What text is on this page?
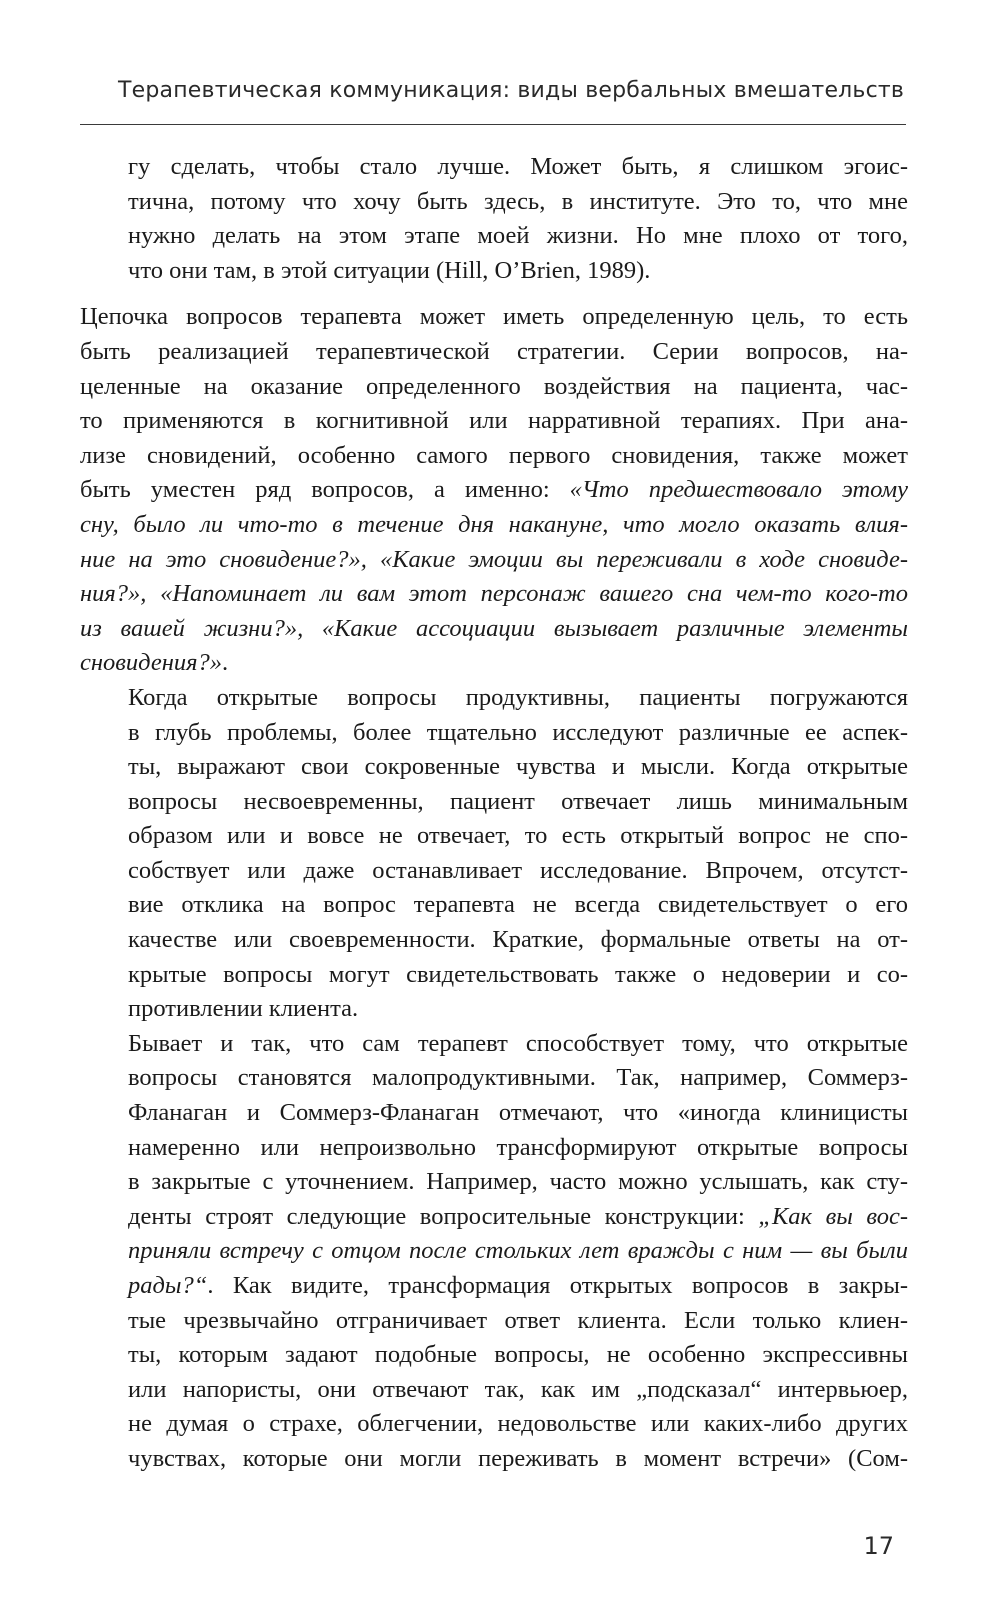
Терапевтическая коммуникация: виды вербальных вмешательств
гу сделать, чтобы стало лучше. Может быть, я слишком эгоис-
тична, потому что хочу быть здесь, в институте. Это то, что мне
нужно делать на этом этапе моей жизни. Но мне плохо от того,
что они там, в этой ситуации (Hill, O’Brien, 1989).
Цепочка вопросов терапевта может иметь определенную цель, то есть
быть реализацией терапевтической стратегии. Серии вопросов, на-
целенные на оказание определенного воздействия на пациента, час-
то применяются в когнитивной или нарративной терапиях. При ана-
лизе сновидений, особенно самого первого сновидения, также может
быть уместен ряд вопросов, а именно: «Что предшествовало этому
сну, было ли что-то в течение дня накануне, что могло оказать влия-
ние на это сновидение?», «Какие эмоции вы переживали в ходе сновиде-
ния?», «Напоминает ли вам этот персонаж вашего сна чем-то кого-то
из вашей жизни?», «Какие ассоциации вызывает различные элементы
сновидения?».
Когда открытые вопросы продуктивны, пациенты погружаются
в глубь проблемы, более тщательно исследуют различные ее аспек-
ты, выражают свои сокровенные чувства и мысли. Когда открытые
вопросы несвоевременны, пациент отвечает лишь минимальным
образом или и вовсе не отвечает, то есть открытый вопрос не спо-
собствует или даже останавливает исследование. Впрочем, отсутст-
вие отклика на вопрос терапевта не всегда свидетельствует о его
качестве или своевременности. Краткие, формальные ответы на от-
крытые вопросы могут свидетельствовать также о недоверии и со-
противлении клиента.
Бывает и так, что сам терапевт способствует тому, что открытые
вопросы становятся малопродуктивными. Так, например, Соммерз-
Фланаган и Соммерз-Фланаган отмечают, что «иногда клиницисты
намеренно или непроизвольно трансформируют открытые вопросы
в закрытые с уточнением. Например, часто можно услышать, как сту-
денты строят следующие вопросительные конструкции: „Как вы вос-
приняли встречу с отцом после стольких лет вражды с ним — вы были
рады?“. Как видите, трансформация открытых вопросов в закры-
тые чрезвычайно отграничивает ответ клиента. Если только клиен-
ты, которым задают подобные вопросы, не особенно экспрессивны
или напористы, они отвечают так, как им „подсказал“ интервьюер,
не думая о страхе, облегчении, недовольстве или каких-либо других
чувствах, которые они могли переживать в момент встречи» (Сом-
17
